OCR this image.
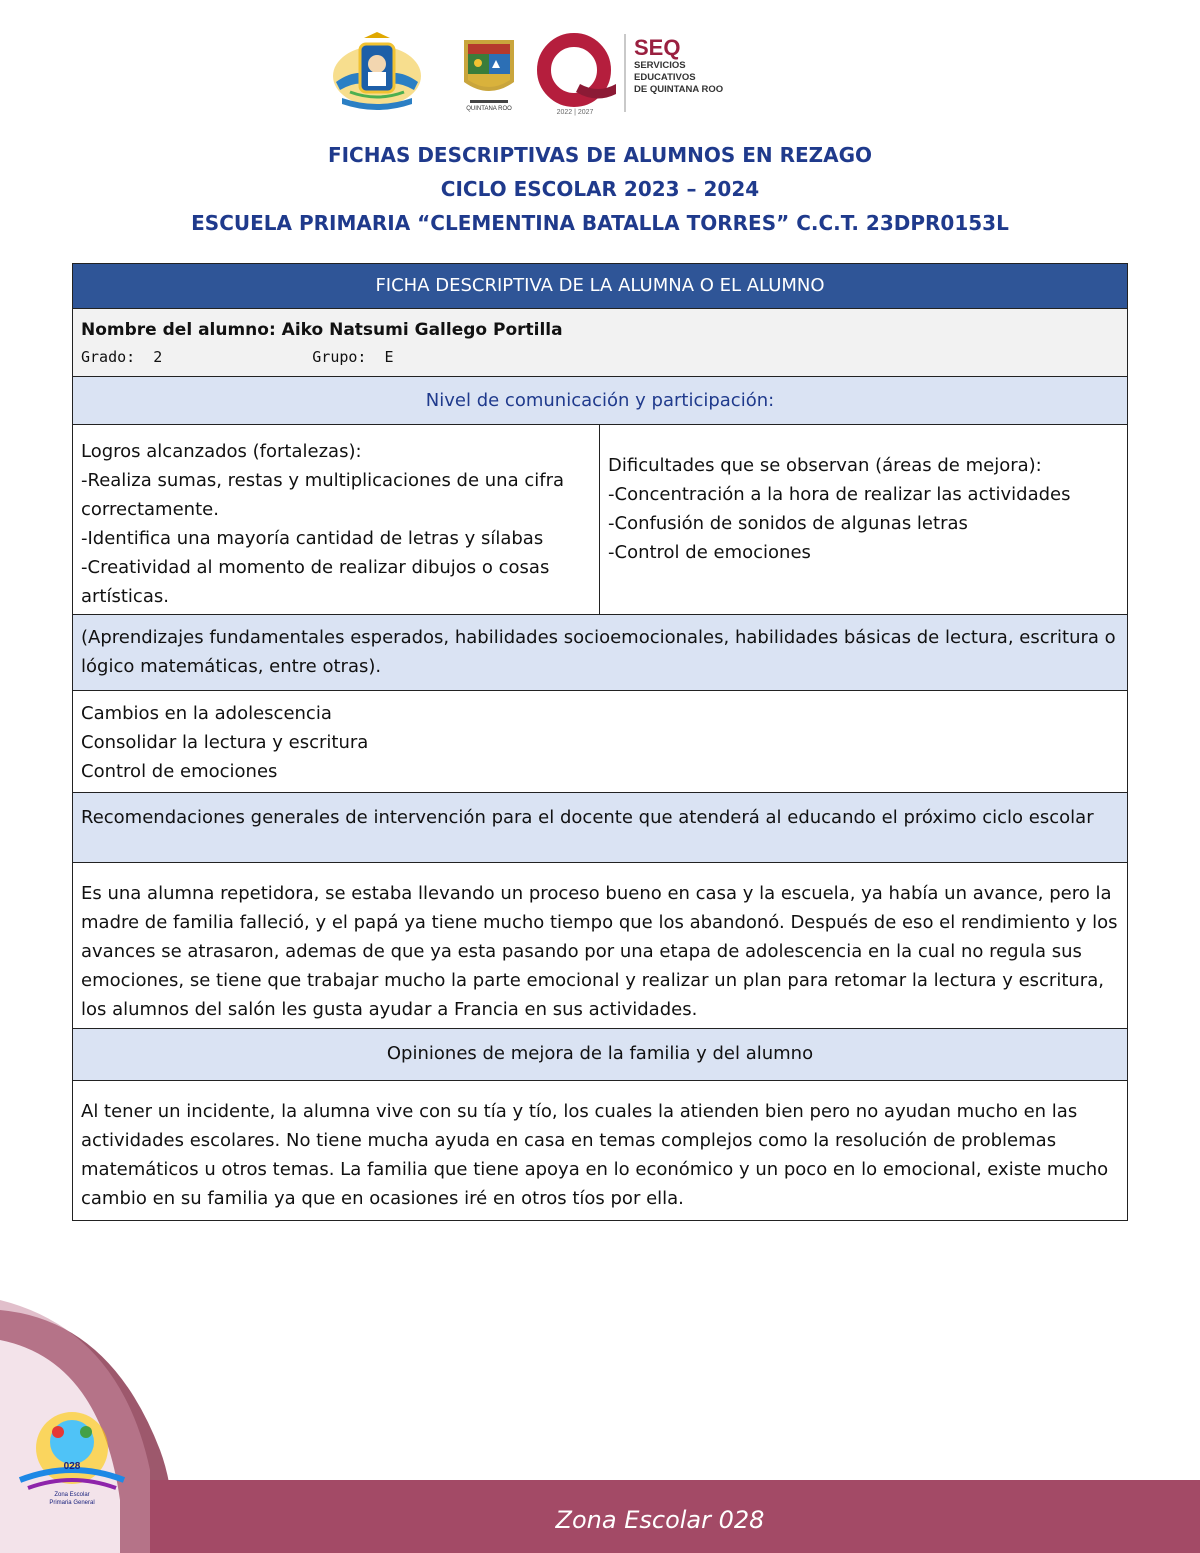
QUINTANA ROO	2022 | 2027
SEQ
SERVICIOS
EDUCATIVOS
DE QUINTANA ROO
FICHAS DESCRIPTIVAS DE ALUMNOS EN REZAGO
CICLO ESCOLAR 2023 – 2024
ESCUELA PRIMARIA “CLEMENTINA BATALLA TORRES” C.C.T. 23DPR0153L
FICHA DESCRIPTIVA DE LA ALUMNA O EL ALUMNO
Nombre del alumno: Aiko Natsumi Gallego Portilla
Grado: 2	Grupo: E
Nivel de comunicación y participación:

Logros alcanzados (fortalezas):

-Realiza sumas, restas y multiplicaciones de una cifra correctamente.

-Identifica una mayoría cantidad de letras y sílabas

-Creatividad al momento de realizar dibujos o cosas artísticas.

Dificultades que se observan (áreas de mejora):

-Concentración a la hora de realizar las actividades

-Confusión de sonidos de algunas letras

-Control de emociones

(Aprendizajes fundamentales esperados, habilidades socioemocionales, habilidades básicas de lectura, escritura o lógico matemáticas, entre otras).

Cambios en la adolescencia

Consolidar la lectura y escritura

Control de emociones

Recomendaciones generales de intervención para el docente que atenderá al educando el próximo ciclo escolar

Es una alumna repetidora, se estaba llevando un proceso bueno en casa y la escuela, ya había un avance, pero la madre de familia falleció, y el papá ya tiene mucho tiempo que los abandonó. Después de eso el rendimiento y los avances se atrasaron, ademas de que ya esta pasando por una etapa de adolescencia en la cual no regula sus emociones, se tiene que trabajar mucho la parte emocional y realizar un plan para retomar la lectura y escritura, los alumnos del salón les gusta ayudar a Francia en sus actividades.

Opiniones de mejora de la familia y del alumno

Al tener un incidente, la alumna vive con su tía y tío, los cuales la atienden bien pero no ayudan mucho en las actividades escolares. No tiene mucha ayuda en casa en temas complejos como la resolución de problemas matemáticos u otros temas. La familia que tiene apoya en lo económico y un poco en lo emocional, existe mucho cambio en su familia ya que en ocasiones iré en otros tíos por ella.

Zona Escolar 028
028
Zona Escolar
Primaria General
